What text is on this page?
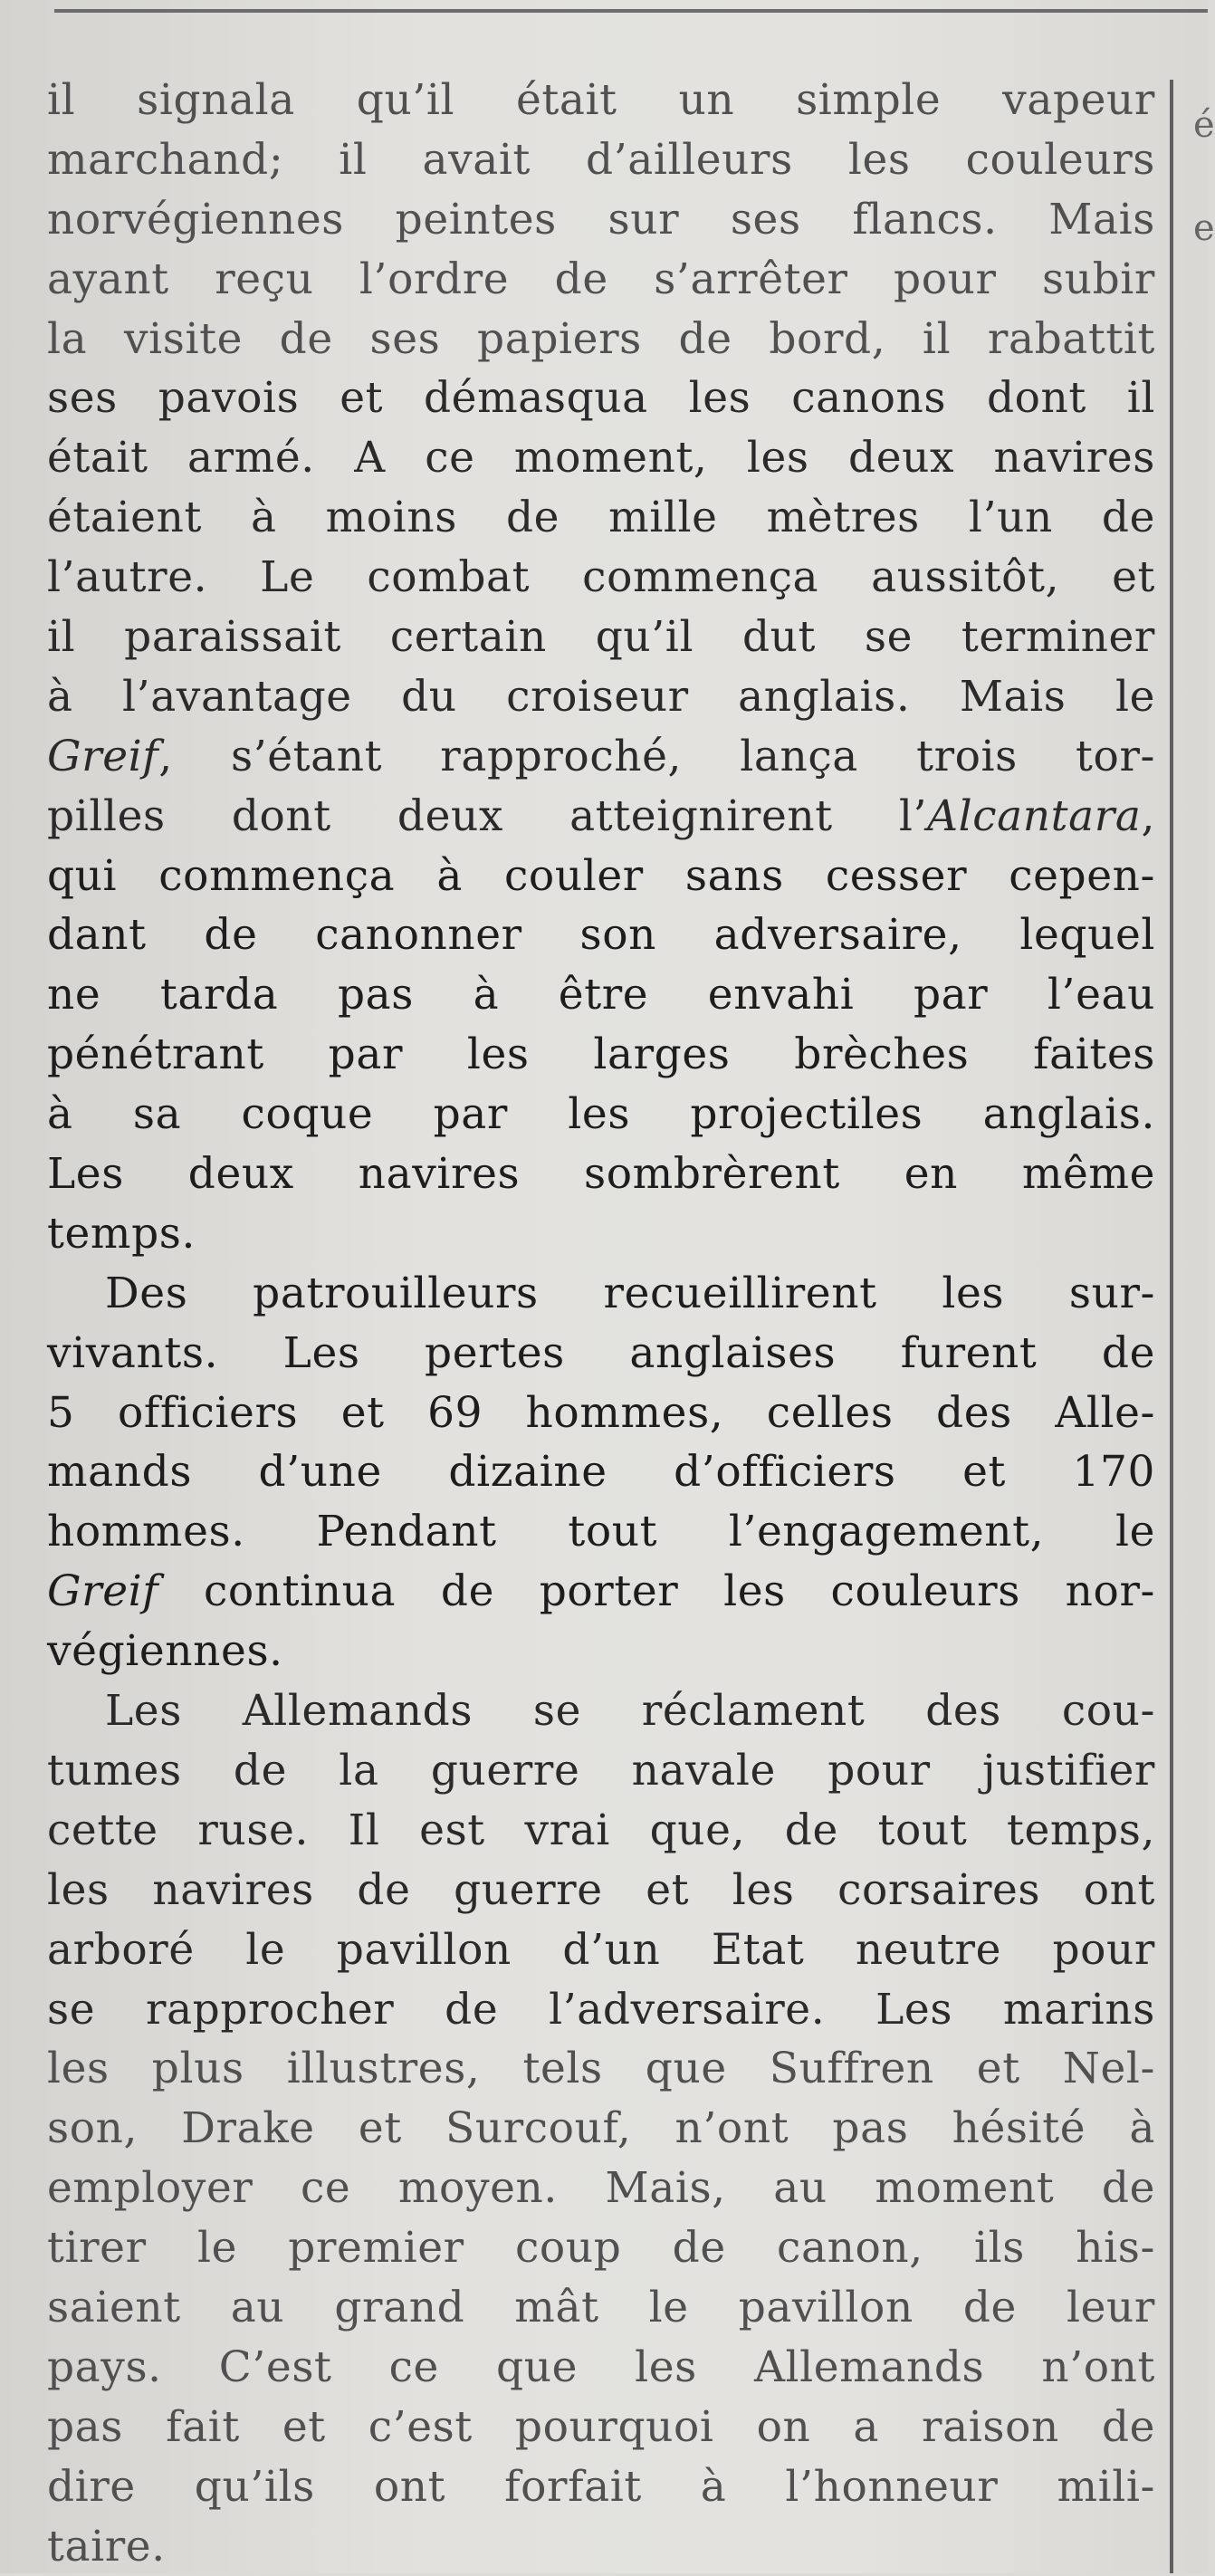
é
e
il signala qu’il était un simple vapeur
marchand; il avait d’ailleurs les couleurs
norvégiennes peintes sur ses flancs. Mais
ayant reçu l’ordre de s’arrêter pour subir
la visite de ses papiers de bord, il rabattit
ses pavois et démasqua les canons dont il
était armé. A ce moment, les deux navires
étaient à moins de mille mètres l’un de
l’autre. Le combat commença aussitôt, et
il paraissait certain qu’il dut se terminer
à l’avantage du croiseur anglais. Mais le
Greif, s’étant rapproché, lança trois tor-
pilles dont deux atteignirent l’Alcantara,
qui commença à couler sans cesser cepen-
dant de canonner son adversaire, lequel
ne tarda pas à être envahi par l’eau
pénétrant par les larges brèches faites
à sa coque par les projectiles anglais.
Les deux navires sombrèrent en même
temps.
Des patrouilleurs recueillirent les sur-
vivants. Les pertes anglaises furent de
5 officiers et 69 hommes, celles des Alle-
mands d’une dizaine d’officiers et 170
hommes. Pendant tout l’engagement, le
Greif continua de porter les couleurs nor-
végiennes.
Les Allemands se réclament des cou-
tumes de la guerre navale pour justifier
cette ruse. Il est vrai que, de tout temps,
les navires de guerre et les corsaires ont
arboré le pavillon d’un Etat neutre pour
se rapprocher de l’adversaire. Les marins
les plus illustres, tels que Suffren et Nel-
son, Drake et Surcouf, n’ont pas hésité à
employer ce moyen. Mais, au moment de
tirer le premier coup de canon, ils his-
saient au grand mât le pavillon de leur
pays. C’est ce que les Allemands n’ont
pas fait et c’est pourquoi on a raison de
dire qu’ils ont forfait à l’honneur mili-
taire.
